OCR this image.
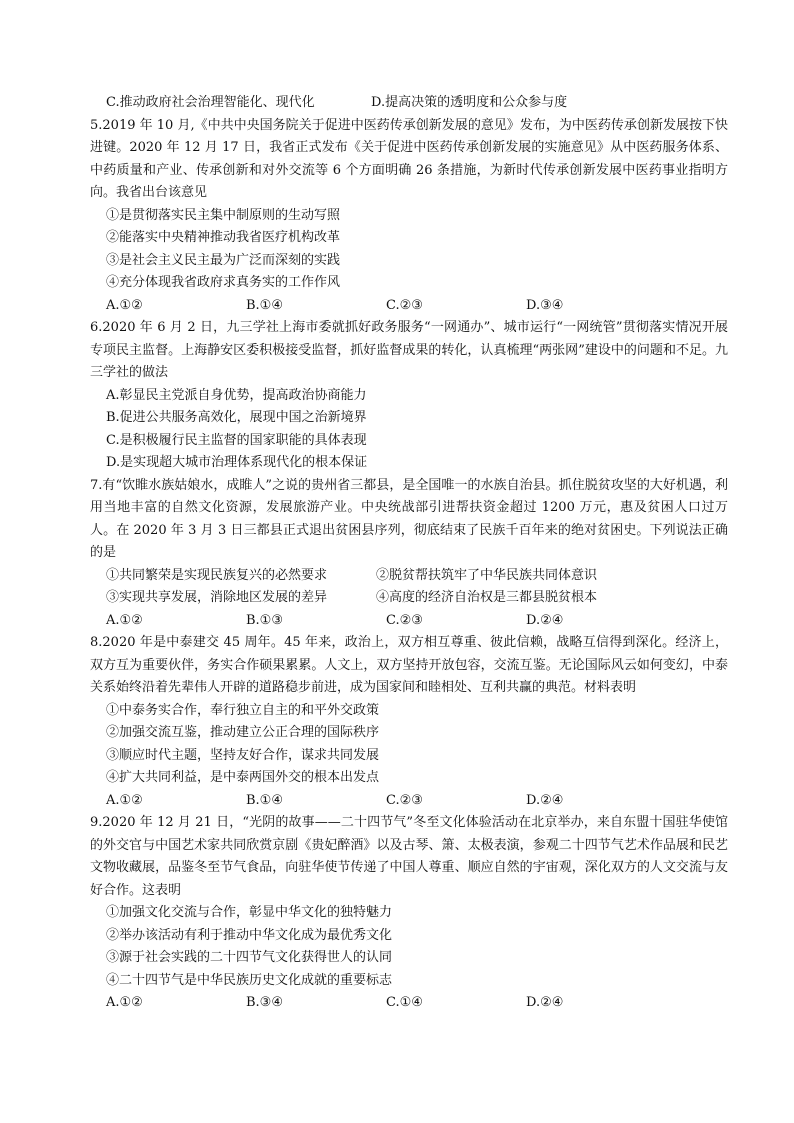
C.推动政府社会治理智能化、现代化	D.提高决策的透明度和公众参与度

5.2019 年 10 月,《中共中央国务院关于促进中医药传承创新发展的意见》发布，为中医药传承创新发展按下快进键。2020 年 12 月 17 日，我省正式发布《关于促进中医药传承创新发展的实施意见》从中医药服务体系、中药质量和产业、传承创新和对外交流等 6 个方面明确 26 条措施，为新时代传承创新发展中医药事业指明方向。我省出台该意见

①是贯彻落实民主集中制原则的生动写照

②能落实中央精神推动我省医疗机构改革

③是社会主义民主最为广泛而深刻的实践

④充分体现我省政府求真务实的工作作风

A.①②	B.①④	C.②③	D.③④

6.2020 年 6 月 2 日，九三学社上海市委就抓好政务服务“一网通办”、城市运行“一网统管”贯彻落实情况开展专项民主监督。上海静安区委积极接受监督，抓好监督成果的转化，认真梳理“两张网”建设中的问题和不足。九三学社的做法

A.彰显民主党派自身优势，提高政治协商能力

B.促进公共服务高效化，展现中国之治新境界

C.是积极履行民主监督的国家职能的具体表现

D.是实现超大城市治理体系现代化的根本保证

7.有“饮睢水族姑娘水，成睢人”之说的贵州省三都县，是全国唯一的水族自治县。抓住脱贫攻坚的大好机遇，利用当地丰富的自然文化资源，发展旅游产业。中央统战部引进帮扶资金超过 1200 万元，惠及贫困人口过万人。在 2020 年 3 月 3 日三都县正式退出贫困县序列，彻底结束了民族千百年来的绝对贫困史。下列说法正确的是

①共同繁荣是实现民族复兴的必然要求	②脱贫帮扶筑牢了中华民族共同体意识
③实现共享发展，消除地区发展的差异	④高度的经济自治权是三都县脱贫根本
A.①②	B.①③	C.②③	D.②④

8.2020 年是中泰建交 45 周年。45 年来，政治上，双方相互尊重、彼此信赖，战略互信得到深化。经济上，双方互为重要伙伴，务实合作硕果累累。人文上，双方坚持开放包容，交流互鉴。无论国际风云如何变幻，中泰关系始终沿着先辈伟人开辟的道路稳步前进，成为国家间和睦相处、互利共赢的典范。材料表明

①中泰务实合作，奉行独立自主的和平外交政策

②加强交流互鉴，推动建立公正合理的国际秩序

③顺应时代主题，坚持友好合作，谋求共同发展

④扩大共同利益，是中泰两国外交的根本出发点

A.①②	B.①④	C.②③	D.②④

9.2020 年 12 月 21 日，“光阴的故事——二十四节气”冬至文化体验活动在北京举办，来自东盟十国驻华使馆的外交官与中国艺术家共同欣赏京剧《贵妃醉酒》以及古琴、箫、太极表演，参观二十四节气艺术作品展和民艺文物收藏展，品鉴冬至节气食品，向驻华使节传递了中国人尊重、顺应自然的宇宙观，深化双方的人文交流与友好合作。这表明

①加强文化交流与合作，彰显中华文化的独特魅力

②举办该活动有利于推动中华文化成为最优秀文化

③源于社会实践的二十四节气文化获得世人的认同

④二十四节气是中华民族历史文化成就的重要标志

A.①②	B.③④	C.①④	D.②④
